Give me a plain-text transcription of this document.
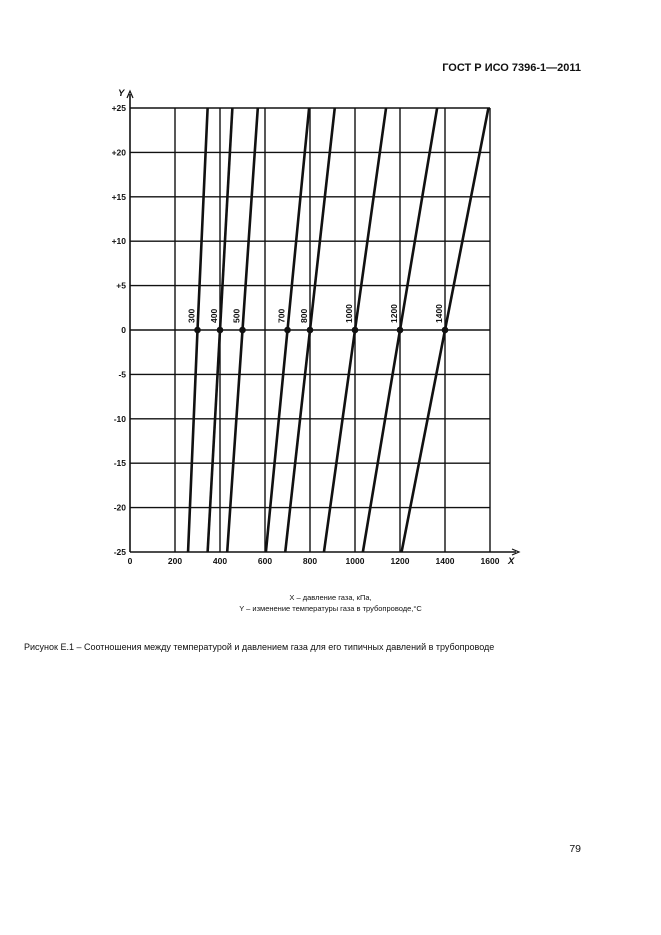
ГОСТ Р ИСО 7396-1—2011
Y
X
300 400 500	700 800	1000	1200	1400
-25
-20
-15
-10
-5
0
+5
+10
+15
+20
+25
0	200	400	600	800	1000	1200	1400	1600
X – давление газа, кПа,
Y – изменение температуры газа в трубопроводе,°C
Рисунок Е.1 – Соотношения между температурой и давлением газа для его типичных давлений в трубопроводе
79
